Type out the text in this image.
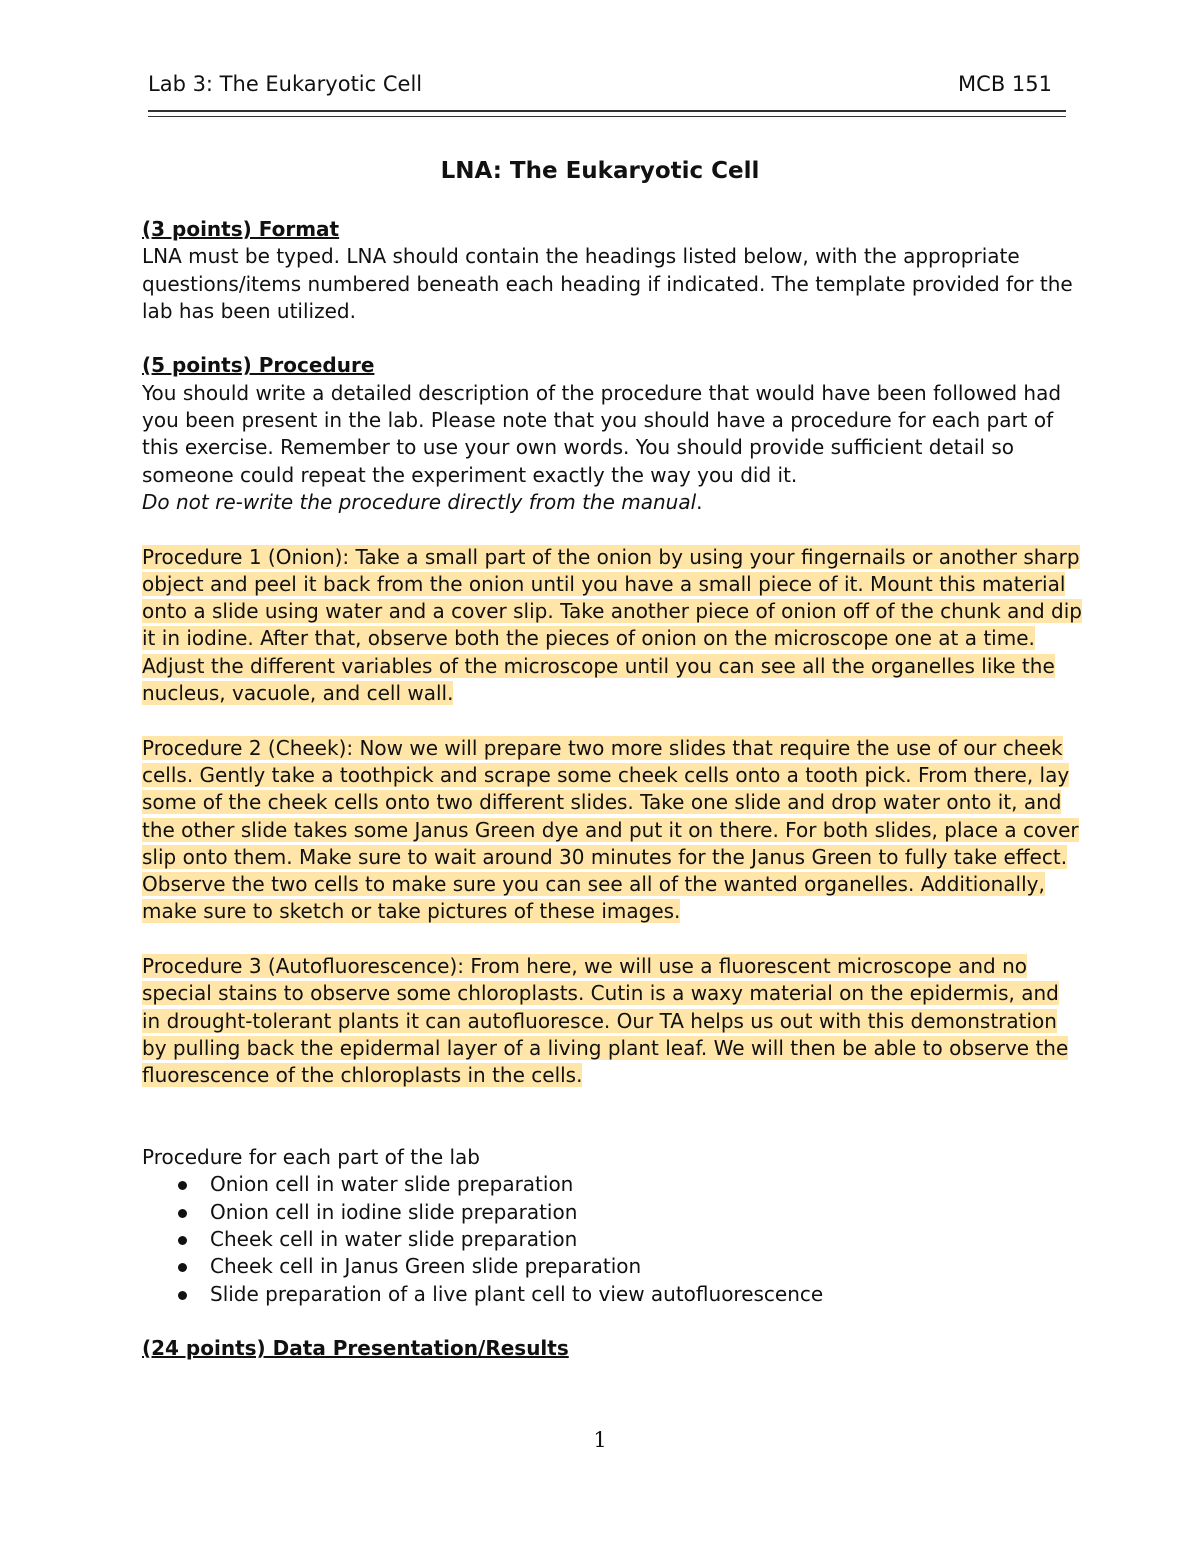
Lab 3: The Eukaryotic Cell	MCB 151
LNA: The Eukaryotic Cell

(3 points) Format

LNA must be typed. LNA should contain the headings listed below, with the appropriate questions/items numbered beneath each heading if indicated. The template provided for the lab has been utilized.

(5 points) Procedure

You should write a detailed description of the procedure that would have been followed had you been present in the lab. Please note that you should have a procedure for each part of this exercise. Remember to use your own words. You should provide sufficient detail so someone could repeat the experiment exactly the way you did it.
Do not re-write the procedure directly from the manual.

Procedure 1 (Onion): Take a small part of the onion by using your fingernails or another sharp object and peel it back from the onion until you have a small piece of it. Mount this material onto a slide using water and a cover slip. Take another piece of onion off of the chunk and dip it in iodine. After that, observe both the pieces of onion on the microscope one at a time. Adjust the different variables of the microscope until you can see all the organelles like the nucleus, vacuole, and cell wall.

Procedure 2 (Cheek): Now we will prepare two more slides that require the use of our cheek cells. Gently take a toothpick and scrape some cheek cells onto a tooth pick. From there, lay some of the cheek cells onto two different slides. Take one slide and drop water onto it, and the other slide takes some Janus Green dye and put it on there. For both slides, place a cover slip onto them. Make sure to wait around 30 minutes for the Janus Green to fully take effect. Observe the two cells to make sure you can see all of the wanted organelles. Additionally, make sure to sketch or take pictures of these images.

Procedure 3 (Autofluorescence): From here, we will use a fluorescent microscope and no special stains to observe some chloroplasts. Cutin is a waxy material on the epidermis, and in drought-tolerant plants it can autofluoresce. Our TA helps us out with this demonstration by pulling back the epidermal layer of a living plant leaf. We will then be able to observe the fluorescence of the chloroplasts in the cells.

Procedure for each part of the lab

Onion cell in water slide preparation
Onion cell in iodine slide preparation
Cheek cell in water slide preparation
Cheek cell in Janus Green slide preparation
Slide preparation of a live plant cell to view autofluorescence

(24 points) Data Presentation/Results

1
